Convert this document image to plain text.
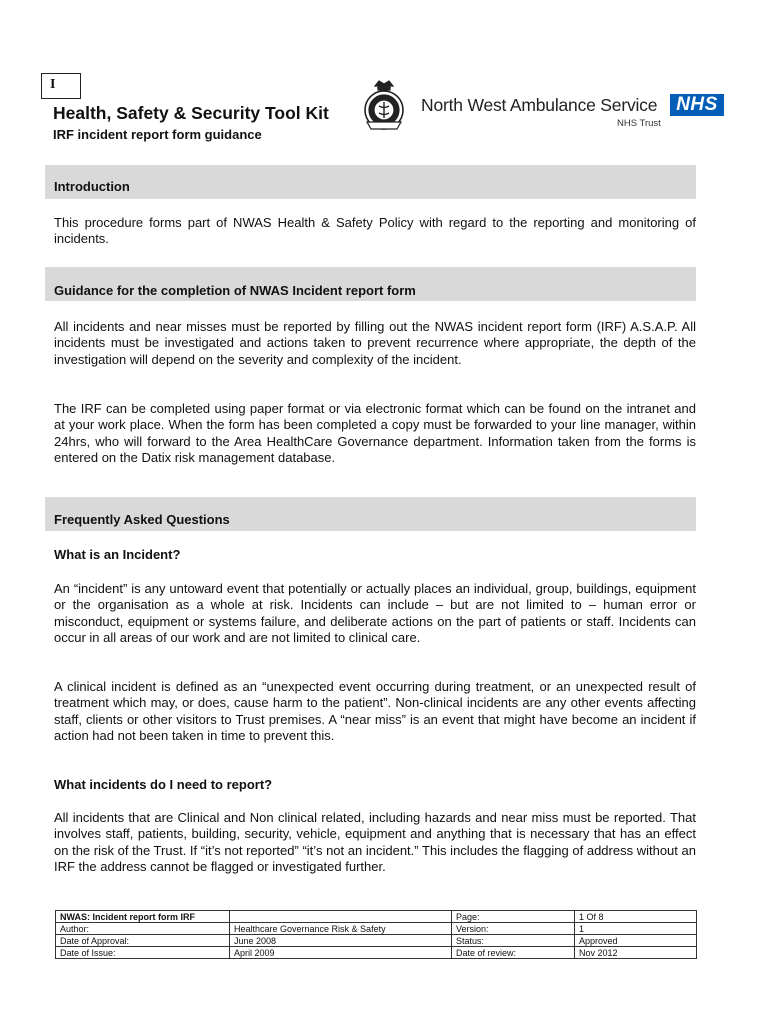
I
Health, Safety & Security Tool Kit
IRF incident report form guidance
North West Ambulance Service NHS
NHS Trust
Introduction

This procedure forms part of NWAS Health & Safety Policy with regard to the reporting and monitoring of incidents.

Guidance for the completion of NWAS Incident report form

All incidents and near misses must be reported by filling out the NWAS incident report form (IRF) A.S.A.P. All incidents must be investigated and actions taken to prevent recurrence where appropriate, the depth of the investigation will depend on the severity and complexity of the incident.

The IRF can be completed using paper format or via electronic format which can be found on the intranet and at your work place. When the form has been completed a copy must be forwarded to your line manager, within 24hrs, who will forward to the Area HealthCare Governance department. Information taken from the forms is entered on the Datix risk management database.

Frequently Asked Questions

What is an Incident?

An “incident” is any untoward event that potentially or actually places an individual, group, buildings, equipment or the organisation as a whole at risk. Incidents can include – but are not limited to – human error or misconduct, equipment or systems failure, and deliberate actions on the part of patients or staff. Incidents can occur in all areas of our work and are not limited to clinical care.

A clinical incident is defined as an “unexpected event occurring during treatment, or an unexpected result of treatment which may, or does, cause harm to the patient”. Non-clinical incidents are any other events affecting staff, clients or other visitors to Trust premises. A “near miss” is an event that might have become an incident if action had not been taken in time to prevent this.

What incidents do I need to report?

All incidents that are Clinical and Non clinical related, including hazards and near miss must be reported. That involves staff, patients, building, security, vehicle, equipment and anything that is necessary that has an effect on the risk of the Trust. If “it’s not reported” “it’s not an incident.” This includes the flagging of address without an IRF the address cannot be flagged or investigated further.

NWAS: Incident report form IRF		Page:	1 Of 8
Author:	Healthcare Governance Risk & Safety	Version:	1
Date of Approval:	June 2008	Status:	Approved
Date of Issue:	April 2009	Date of review:	Nov 2012
